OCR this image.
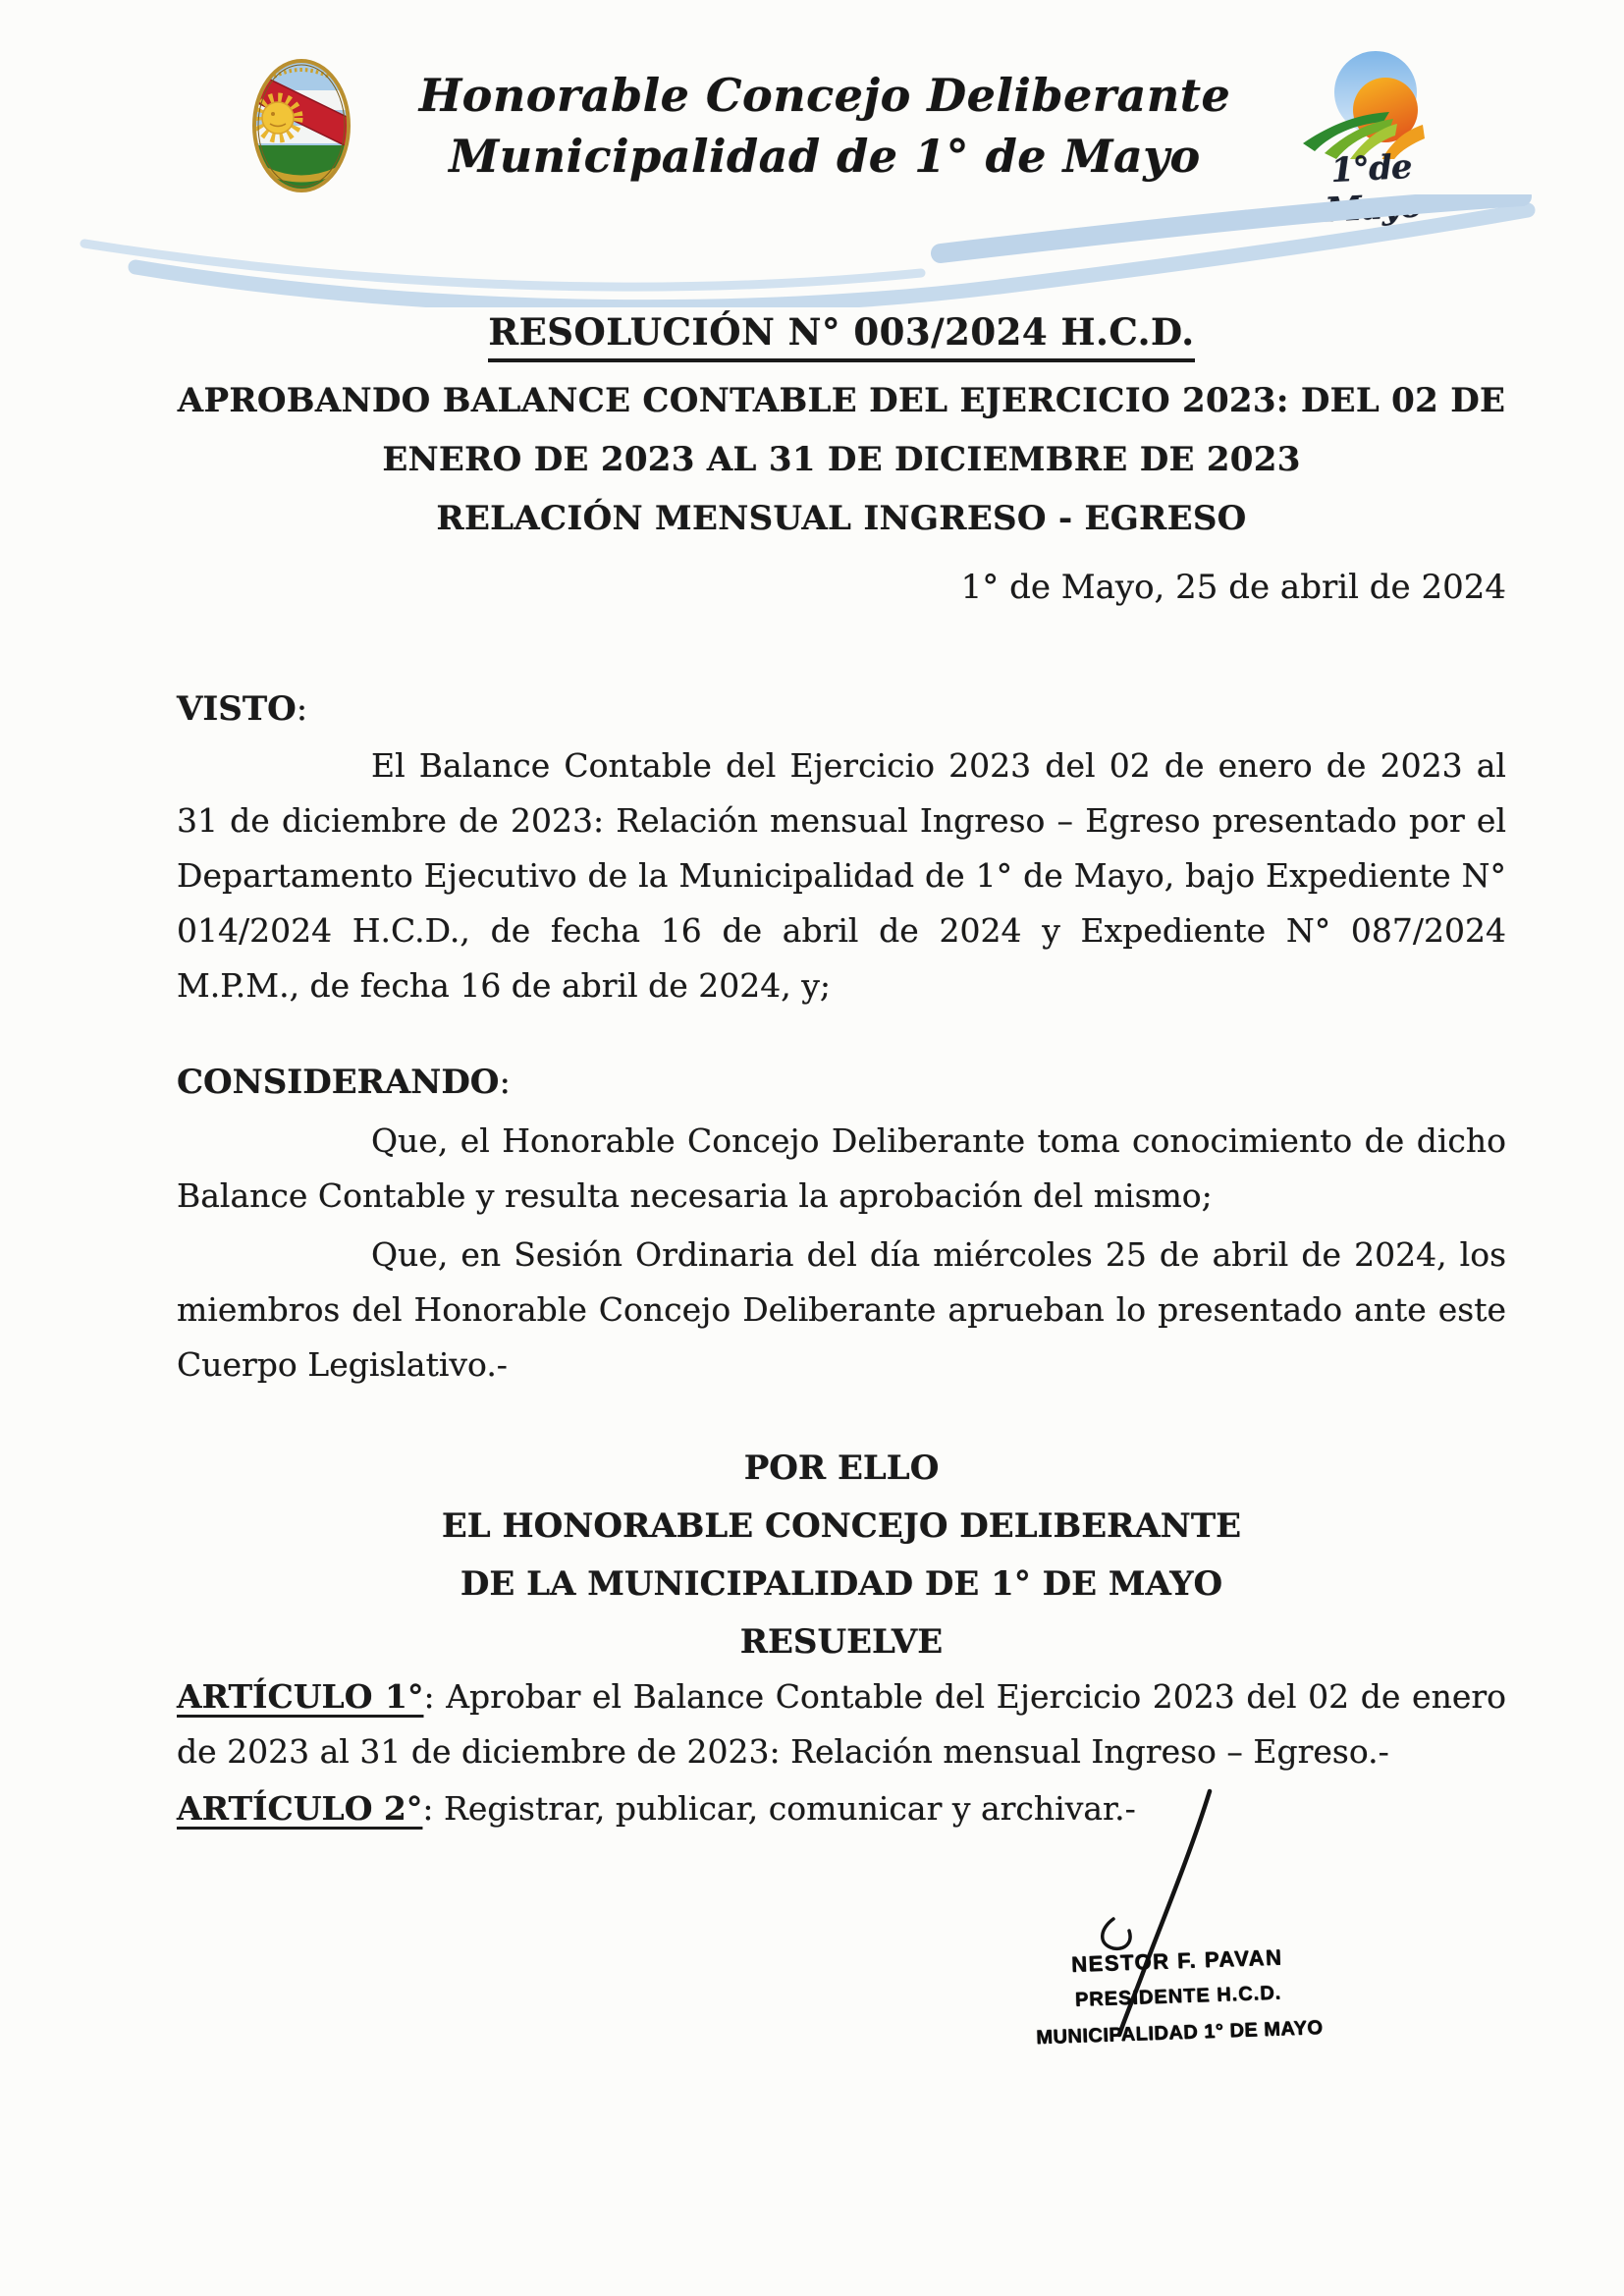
Honorable Concejo Deliberante
Municipalidad de 1° de Mayo	1°de Mayo
RESOLUCIÓN N° 003/2024 H.C.D.
APROBANDO BALANCE CONTABLE DEL EJERCICIO 2023: DEL 02 DE
ENERO DE 2023 AL 31 DE DICIEMBRE DE 2023
RELACIÓN MENSUAL INGRESO - EGRESO
1° de Mayo, 25 de abril de 2024
VISTO:
El Balance Contable del Ejercicio 2023 del 02 de enero de 2023 al 31 de diciembre de 2023: Relación mensual Ingreso – Egreso presentado por el Departamento Ejecutivo de la Municipalidad de 1° de Mayo, bajo Expediente N° 014/2024 H.C.D., de fecha 16 de abril de 2024 y Expediente N° 087/2024 M.P.M., de fecha 16 de abril de 2024, y;
CONSIDERANDO:

Que, el Honorable Concejo Deliberante toma conocimiento de dicho Balance Contable y resulta necesaria la aprobación del mismo;

Que, en Sesión Ordinaria del día miércoles 25 de abril de 2024, los miembros del Honorable Concejo Deliberante aprueban lo presentado ante este Cuerpo Legislativo.-

POR ELLO
EL HONORABLE CONCEJO DELIBERANTE
DE LA MUNICIPALIDAD DE 1° DE MAYO
RESUELVE

ARTÍCULO 1°: Aprobar el Balance Contable del Ejercicio 2023 del 02 de enero de 2023 al 31 de diciembre de 2023: Relación mensual Ingreso – Egreso.-

ARTÍCULO 2°: Registrar, publicar, comunicar y archivar.-

NESTOR F. PAVAN
PRESIDENTE H.C.D.
MUNICIPALIDAD 1° DE MAYO
